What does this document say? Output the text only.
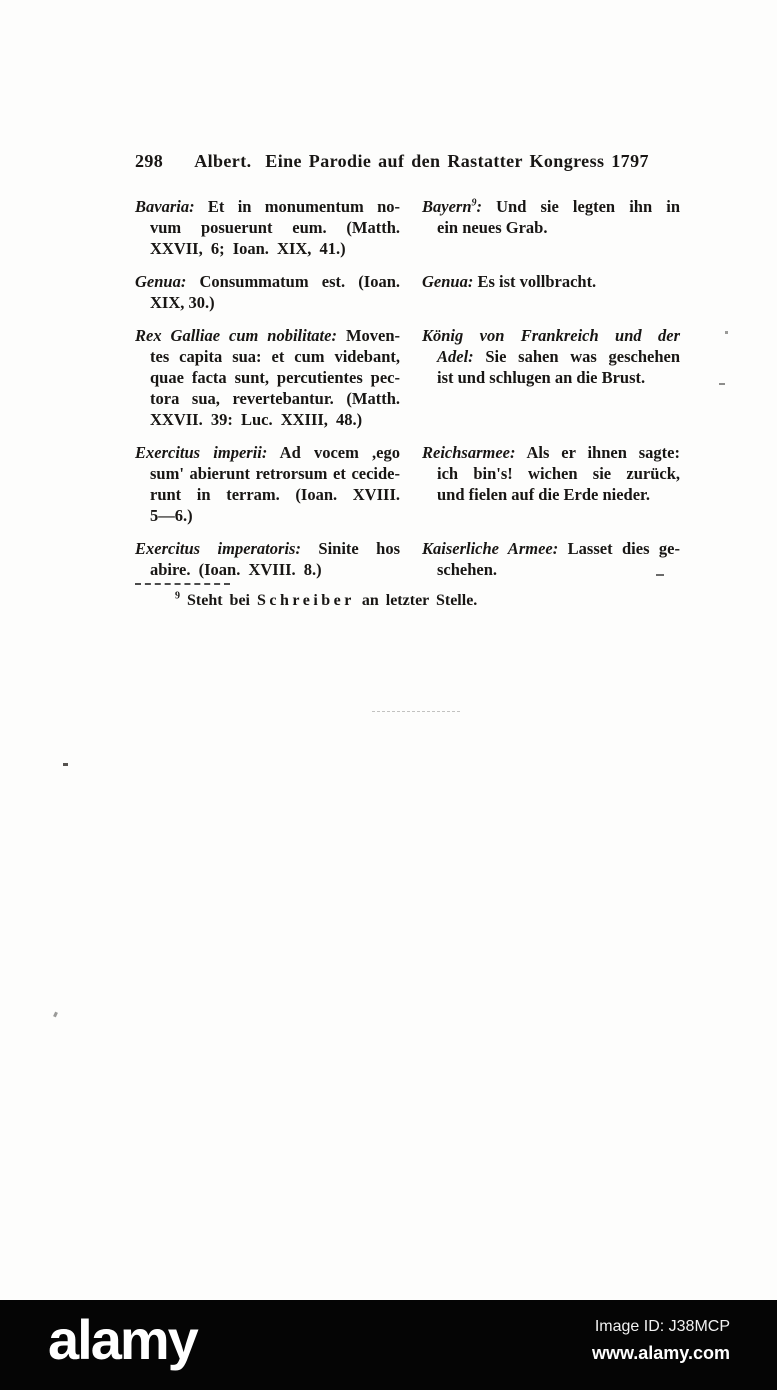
298 Albert.  Eine Parodie auf den Rastatter Kongress 1797
Bavaria: Et in monumentum no-
vum posuerunt eum. (Matth.
XXVII, 6; Ioan. XIX, 41.)
Bayern$^9$: Und sie legten ihn in
ein neues Grab.
Genua: Consummatum est. (Ioan.
XIX, 30.)
Genua: Es ist vollbracht.
Rex Galliae cum nobilitate: Moven-
tes capita sua: et cum videbant,
quae facta sunt, percutientes pec-
tora sua, revertebantur. (Matth.
XXVII. 39: Luc. XXIII, 48.)
König von Frankreich und der
Adel: Sie sahen was geschehen
ist und schlugen an die Brust.
Exercitus imperii: Ad vocem ,ego
sum' abierunt retrorsum et cecide-
runt in terram. (Ioan. XVIII.
5—6.)
Reichsarmee: Als er ihnen sagte:
ich bin's! wichen sie zurück,
und fielen auf die Erde nieder.
Exercitus imperatoris: Sinite hos
abire. (Ioan. XVIII. 8.)
Kaiserliche Armee: Lasset dies ge-
schehen.
$^9$ Steht bei Schreiber an letzter Stelle.
alamy	Image ID: J38MCP
www.alamy.com
